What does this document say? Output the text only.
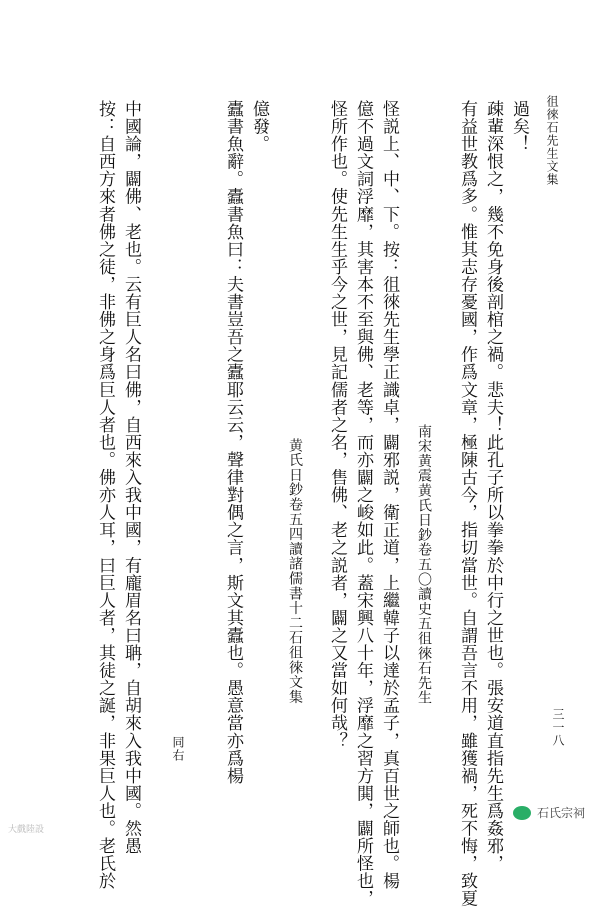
徂徠石先生文集
三一八
過矣！
疎輩深恨之，幾不免身後剖棺之禍。悲夫！此孔子所以拳拳於中行之世也。張安道直指先生爲姦邪，
有益世教爲多。惟其志存憂國，作爲文章，極陳古今，指切當世。自謂吾言不用，雖獲禍，死不悔，致夏
南宋黄震黄氏日鈔卷五〇讀史五徂徠石先生
怪説上、中、下。按：徂徠先生學正識卓，闢邪説，衛正道，上繼韓子以達於孟子，真百世之師也。楊
億不過文詞浮靡，其害本不至與佛、老等，而亦闢之峻如此。蓋宋興八十年，浮靡之習方閧，闢所怪也，
怪所作也。使先生生乎今之世，見記儒者之名，售佛、老之説者，闢之又當如何哉？
黄氏日鈔卷五四讀諸儒書十二石徂徠文集
億發。
蠹書魚辭。蠹書魚曰：夫書豈吾之蠹耶云云，聲律對偶之言，斯文其蠹也。愚意當亦爲楊
同右
中國論，闢佛、老也。云有巨人名曰佛，自西來入我中國，有龐眉名曰聃，自胡來入我中國。然愚
按：自西方來者佛之徒，非佛之身爲巨人者也。佛亦人耳，曰巨人者，其徒之誕，非果巨人也。老氏於
大戲陸設
石氏宗祠
